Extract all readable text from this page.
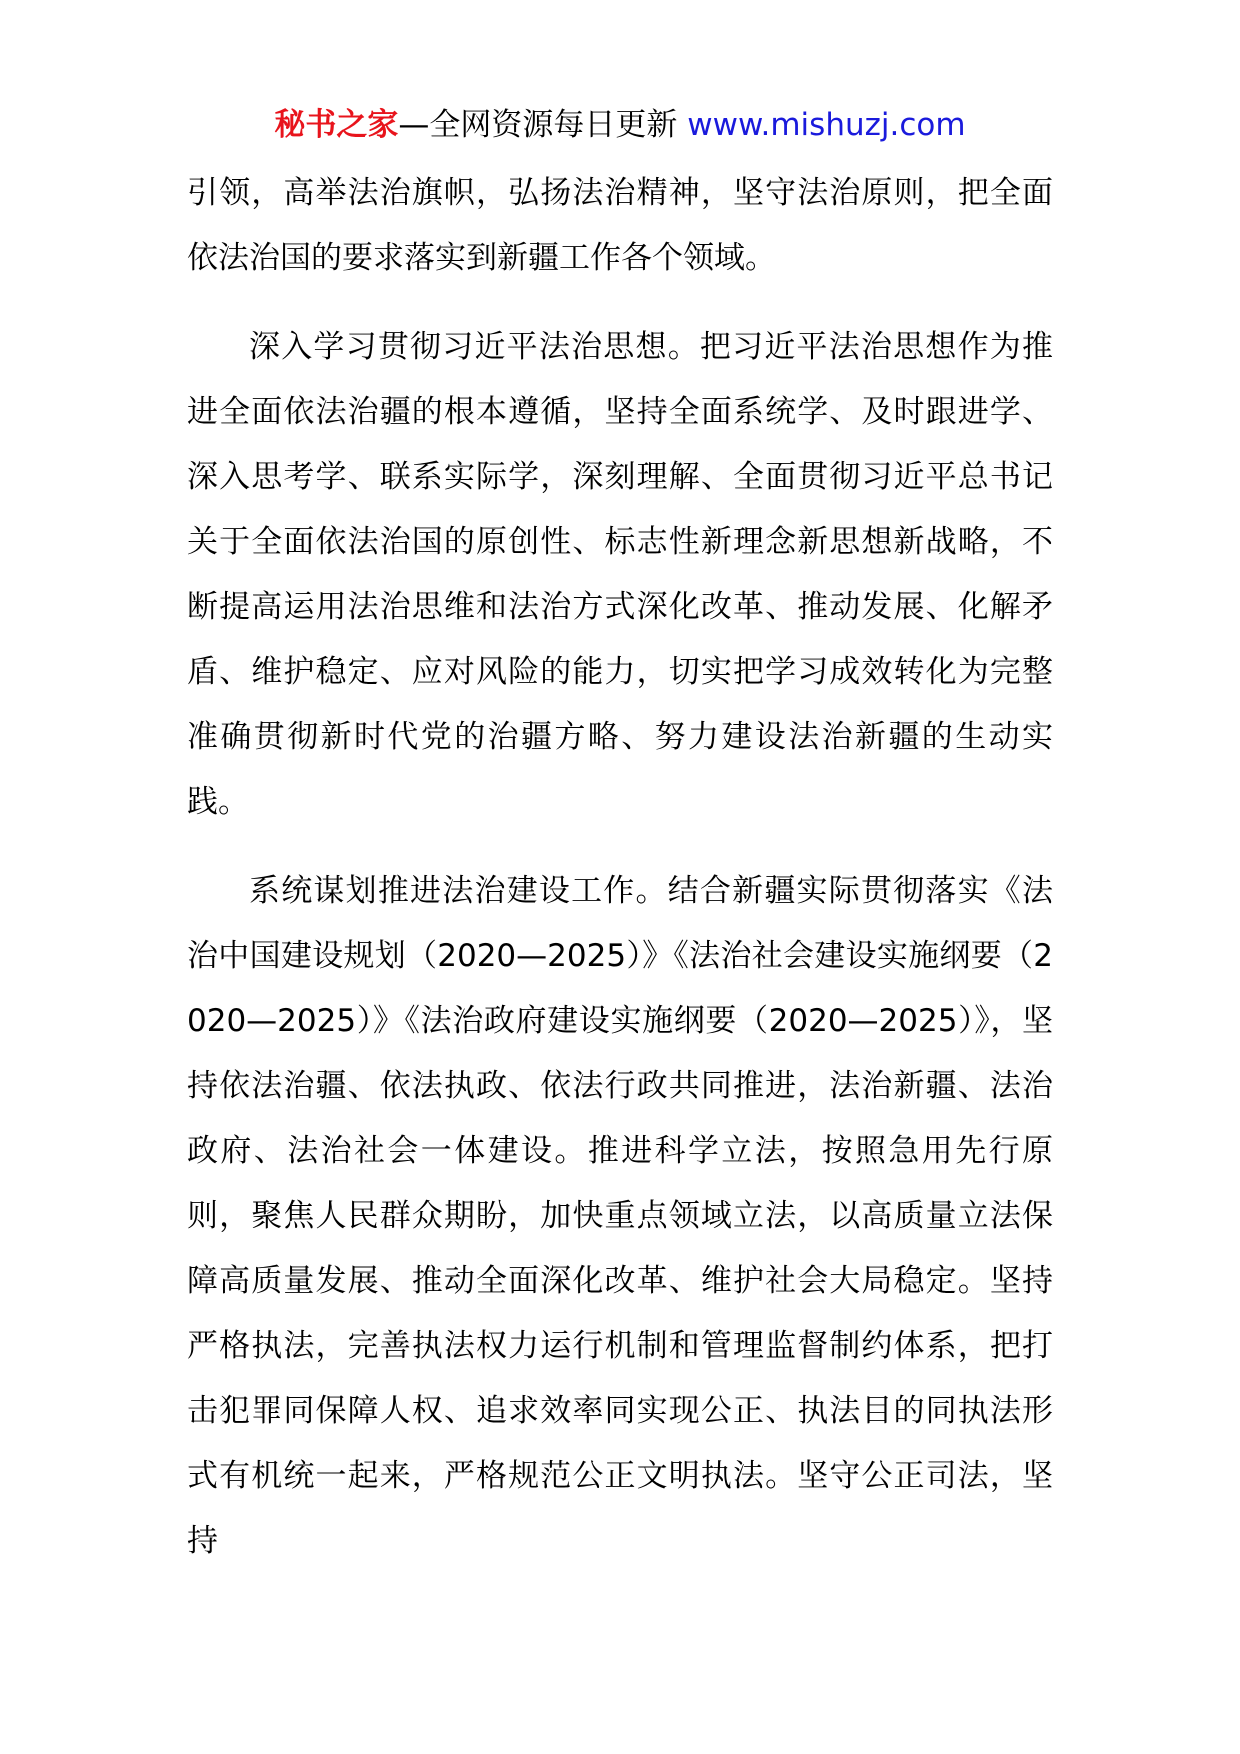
秘书之家—全网资源每日更新 www.mishuzj.com

引领，高举法治旗帜，弘扬法治精神，坚守法治原则，把全面依法治国的要求落实到新疆工作各个领域。

深入学习贯彻习近平法治思想。把习近平法治思想作为推进全面依法治疆的根本遵循，坚持全面系统学、及时跟进学、深入思考学、联系实际学，深刻理解、全面贯彻习近平总书记关于全面依法治国的原创性、标志性新理念新思想新战略，不断提高运用法治思维和法治方式深化改革、推动发展、化解矛盾、维护稳定、应对风险的能力，切实把学习成效转化为完整准确贯彻新时代党的治疆方略、努力建设法治新疆的生动实践。

系统谋划推进法治建设工作。结合新疆实际贯彻落实《法治中国建设规划（2020—2025）》《法治社会建设实施纲要（2020—2025）》《法治政府建设实施纲要（2020—2025）》，坚持依法治疆、依法执政、依法行政共同推进，法治新疆、法治政府、法治社会一体建设。推进科学立法，按照急用先行原则，聚焦人民群众期盼，加快重点领域立法，以高质量立法保障高质量发展、推动全面深化改革、维护社会大局稳定。坚持严格执法，完善执法权力运行机制和管理监督制约体系，把打击犯罪同保障人权、追求效率同实现公正、执法目的同执法形式有机统一起来，严格规范公正文明执法。坚守公正司法，坚持
